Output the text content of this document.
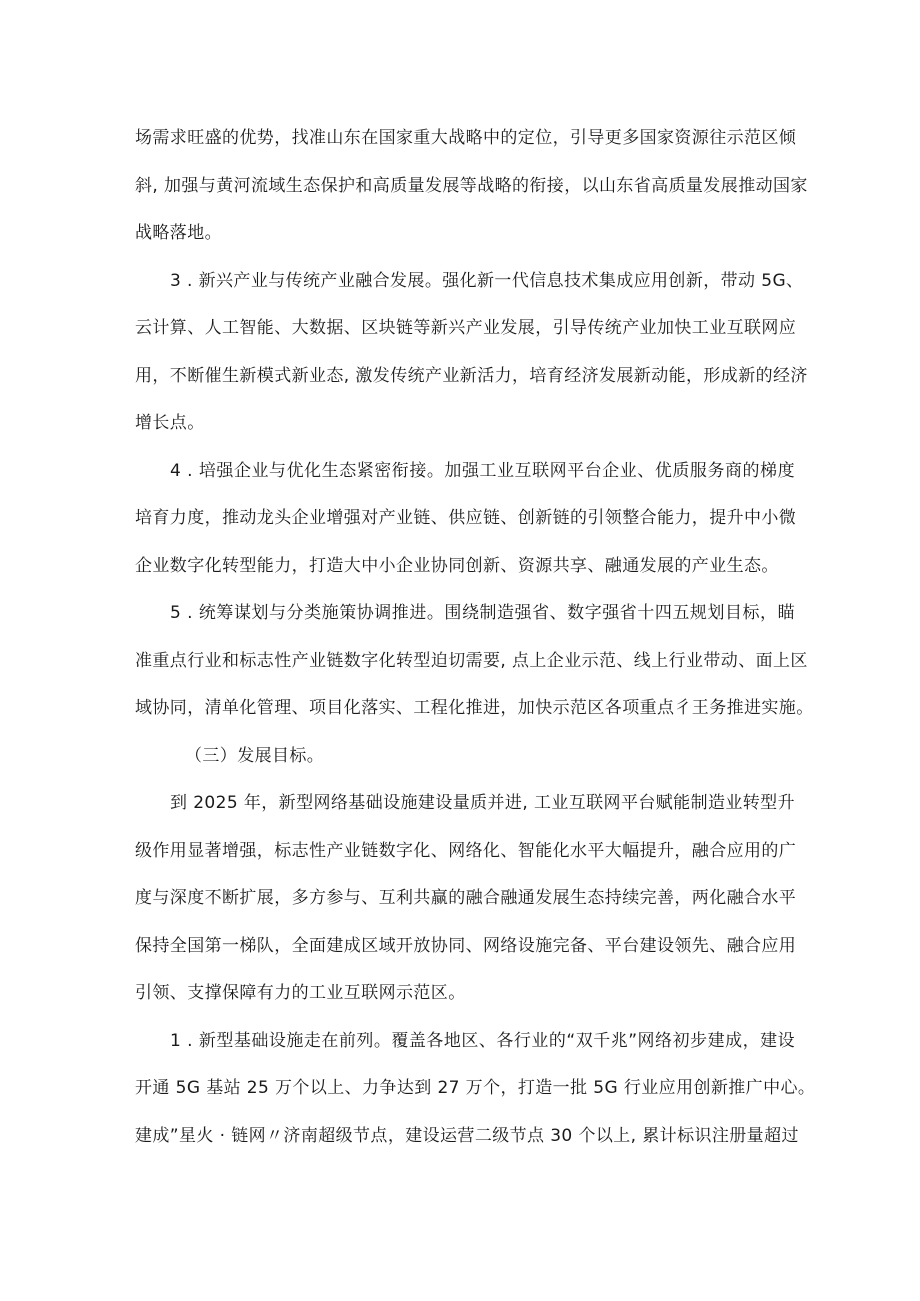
场需求旺盛的优势，找准山东在国家重大战略中的定位，引导更多国家资源往示范区倾
斜, 加强与黄河流域生态保护和高质量发展等战略的衔接，以山东省高质量发展推动国家
战略落地。
3 . 新兴产业与传统产业融合发展。强化新一代信息技术集成应用创新，带动 5G、
云计算、人工智能、大数据、区块链等新兴产业发展，引导传统产业加快工业互联网应
用，不断催生新模式新业态, 激发传统产业新活力，培育经济发展新动能，形成新的经济
增长点。
4 . 培强企业与优化生态紧密衔接。加强工业互联网平台企业、优质服务商的梯度
培育力度，推动龙头企业增强对产业链、供应链、创新链的引领整合能力，提升中小微
企业数字化转型能力，打造大中小企业协同创新、资源共享、融通发展的产业生态。
5 . 统筹谋划与分类施策协调推进。围绕制造强省、数字强省十四五规划目标，瞄
准重点行业和标志性产业链数字化转型迫切需要, 点上企业示范、线上行业带动、面上区
域协同，清单化管理、项目化落实、工程化推进，加快示范区各项重点彳王务推进实施。
（三）发展目标。
到 2025 年，新型网络基础设施建设量质并进, 工业互联网平台赋能制造业转型升
级作用显著增强，标志性产业链数字化、网络化、智能化水平大幅提升，融合应用的广
度与深度不断扩展，多方参与、互利共赢的融合融通发展生态持续完善，两化融合水平
保持全国第一梯队，全面建成区域开放协同、网络设施完备、平台建设领先、融合应用
引领、支撑保障有力的工业互联网示范区。
1 . 新型基础设施走在前列。覆盖各地区、各行业的“双千兆”网络初步建成，建设
开通 5G 基站 25 万个以上、力争达到 27 万个，打造一批 5G 行业应用创新推广中心。
建成”星火 · 链网〃济南超级节点，建设运营二级节点 30 个以上, 累计标识注册量超过
